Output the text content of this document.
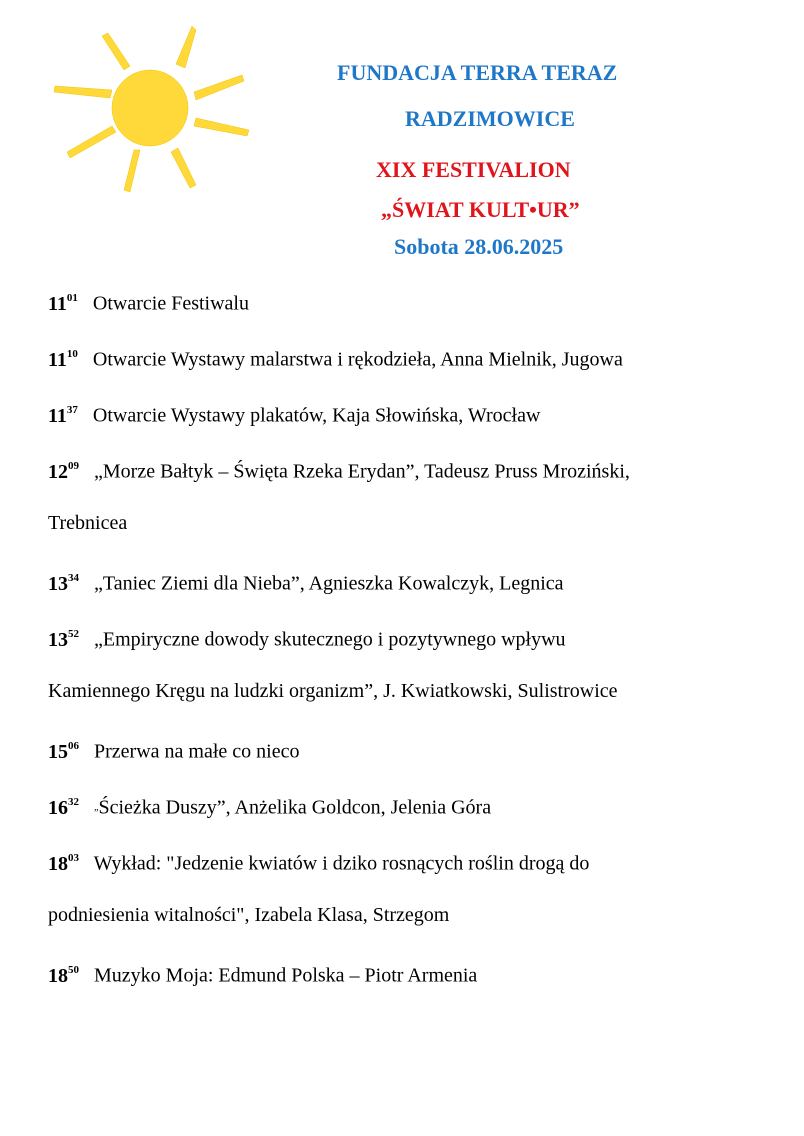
FUNDACJA TERRA TERAZ
RADZIMOWICE
XIX FESTIVALION
„ŚWIAT KULT•UR”
Sobota 28.06.2025
$11^{01}$ Otwarcie Festiwalu
$11^{10}$ Otwarcie Wystawy malarstwa i rękodzieła, Anna Mielnik, Jugowa
$11^{37}$ Otwarcie Wystawy plakatów, Kaja Słowińska, Wrocław
$12^{09}$ „Morze Bałtyk – Święta Rzeka Erydan”, Tadeusz Pruss Mroziński,
Trebnicea
$13^{34}$ „Taniec Ziemi dla Nieba”, Agnieszka Kowalczyk, Legnica
$13^{52}$ „Empiryczne dowody skutecznego i pozytywnego wpływu
Kamiennego Kręgu na ludzki organizm”, J. Kwiatkowski, Sulistrowice
$15^{06}$ Przerwa na małe co nieco
$16^{32}$ „Ścieżka Duszy”, Anżelika Goldcon, Jelenia Góra
$18^{03}$ Wykład: "Jedzenie kwiatów i dziko rosnących roślin drogą do
podniesienia witalności", Izabela Klasa, Strzegom
$18^{50}$ Muzyko Moja: Edmund Polska – Piotr Armenia
